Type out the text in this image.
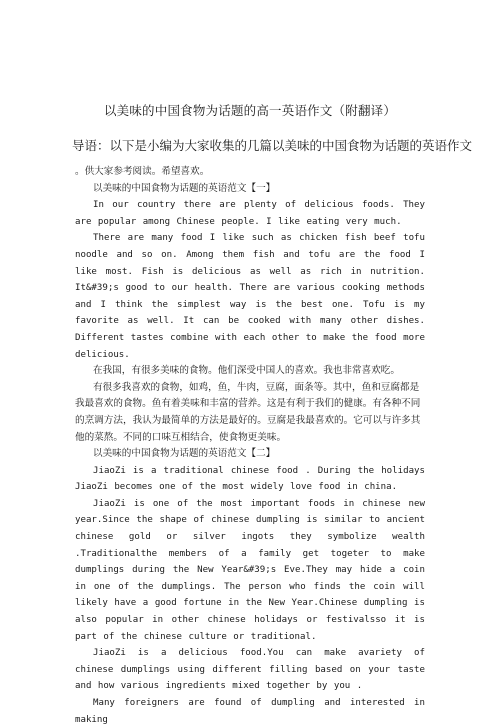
以美味的中国食物为话题的高一英语作文（附翻译）
导语：以下是小编为大家收集的几篇以美味的中国食物为话题的英语作文

。供大家参考阅读。希望喜欢。

以美味的中国食物为话题的英语范文【一】

In our country there are plenty of delicious foods. They are popular among Chinese people. I like eating very much.

There are many food I like such as chicken fish beef tofu noodle and so on. Among them fish and tofu are the food I like most. Fish is delicious as well as rich in nutrition. It&#39;s good to our health. There are various cooking methods and I think the simplest way is the best one. Tofu is my favorite as well. It can be cooked with many other dishes. Different tastes combine with each other to make the food more delicious.

在我国，有很多美味的食物。他们深受中国人的喜欢。我也非常喜欢吃。

有很多我喜欢的食物，如鸡，鱼，牛肉，豆腐，面条等。其中，鱼和豆腐都是我最喜欢的食物。鱼有着美味和丰富的营养。这是有利于我们的健康。有各种不同的烹调方法，我认为最简单的方法是最好的。豆腐是我最喜欢的。它可以与许多其他的菜熬。不同的口味互相结合，使食物更美味。

以美味的中国食物为话题的英语范文【二】

JiaoZi is a traditional chinese food . During the holidays JiaoZi becomes one of the most widely love food in china.

JiaoZi is one of the most important foods in chinese new year.Since the shape of chinese dumpling is similar to ancient chinese gold or silver ingots they symbolize wealth .Traditionalthe members of a family get togeter to make dumplings during the New Year&#39;s Eve.They may hide a coin in one of the dumplings. The person who finds the coin will likely have a good fortune in the New Year.Chinese dumpling is also popular in other chinese holidays or festivalsso it is part of the chinese culture or traditional.

JiaoZi is a delicious food.You can make avariety of chinese dumplings using different filling based on your taste and how various ingredients mixed together by you .

Many foreigners are found of dumpling and interested in making
